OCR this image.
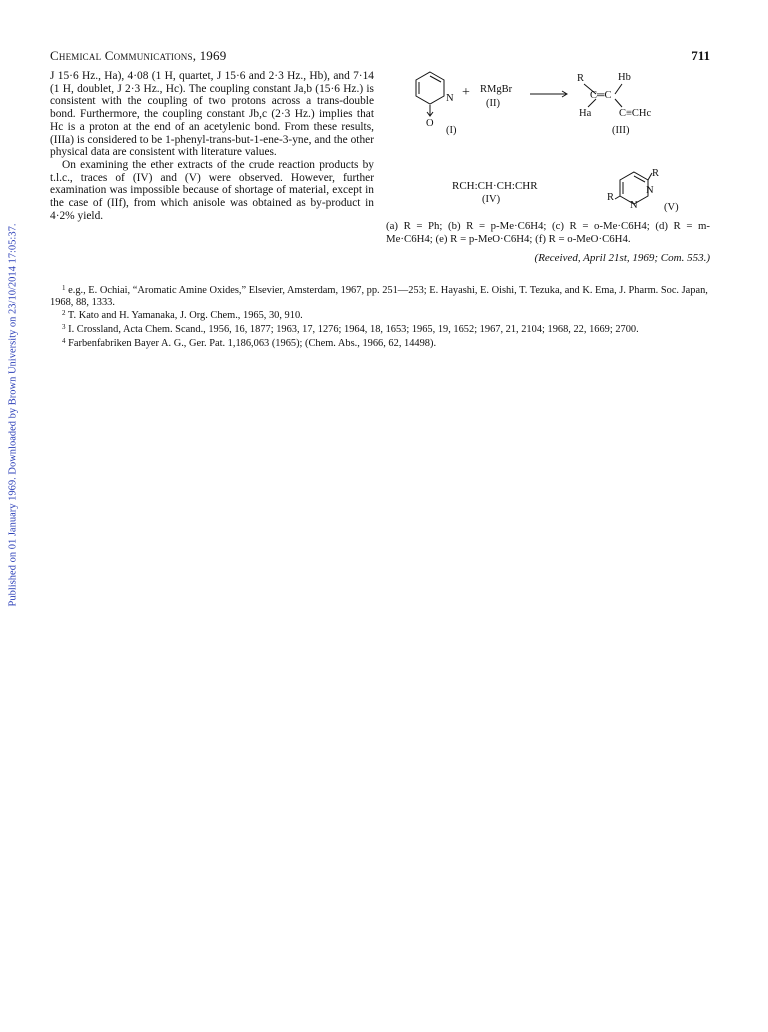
Published on 01 January 1969. Downloaded by Brown University on 23/10/2014 17:05:37.
Chemical Communications, 1969	711

J 15·6 Hz., Ha), 4·08 (1 H, quartet, J 15·6 and 2·3 Hz., Hb), and 7·14 (1 H, doublet, J 2·3 Hz., Hc). The coupling constant Ja,b (15·6 Hz.) is consistent with the coupling of two protons across a trans-double bond. Furthermore, the coupling constant Jb,c (2·3 Hz.) implies that Hc is a proton at the end of an acetylenic bond. From these results, (IIIa) is considered to be 1-phenyl-trans-but-1-ene-3-yne, and the other physical data are consistent with literature values.

On examining the ether extracts of the crude reaction products by t.l.c., traces of (IV) and (V) were observed. However, further examination was impossible because of shortage of material, except in the case of (IIf), from which anisole was obtained as by-product in 4·2% yield.

N
O
(I)
+ RMgBr
(II)
R	Hb
C═C
Ha	C≡CHc
(III)
RCH:CH·CH:CHR
(IV)
R
N
N
R
(V)
(a) R = Ph; (b) R = p-Me·C6H4; (c) R = o-Me·C6H4; (d) R = m-Me·C6H4; (e) R = p-MeO·C6H4; (f) R = o-MeO·C6H4.
(Received, April 21st, 1969; Com. 553.)

$^1$ e.g., E. Ochiai, “Aromatic Amine Oxides,” Elsevier, Amsterdam, 1967, pp. 251—253; E. Hayashi, E. Oishi, T. Tezuka, and K. Ema, J. Pharm. Soc. Japan, 1968, 88, 1333.

$^2$ T. Kato and H. Yamanaka, J. Org. Chem., 1965, 30, 910.

$^3$ I. Crossland, Acta Chem. Scand., 1956, 16, 1877; 1963, 17, 1276; 1964, 18, 1653; 1965, 19, 1652; 1967, 21, 2104; 1968, 22, 1669; 2700.

$^4$ Farbenfabriken Bayer A. G., Ger. Pat. 1,186,063 (1965); (Chem. Abs., 1966, 62, 14498).
